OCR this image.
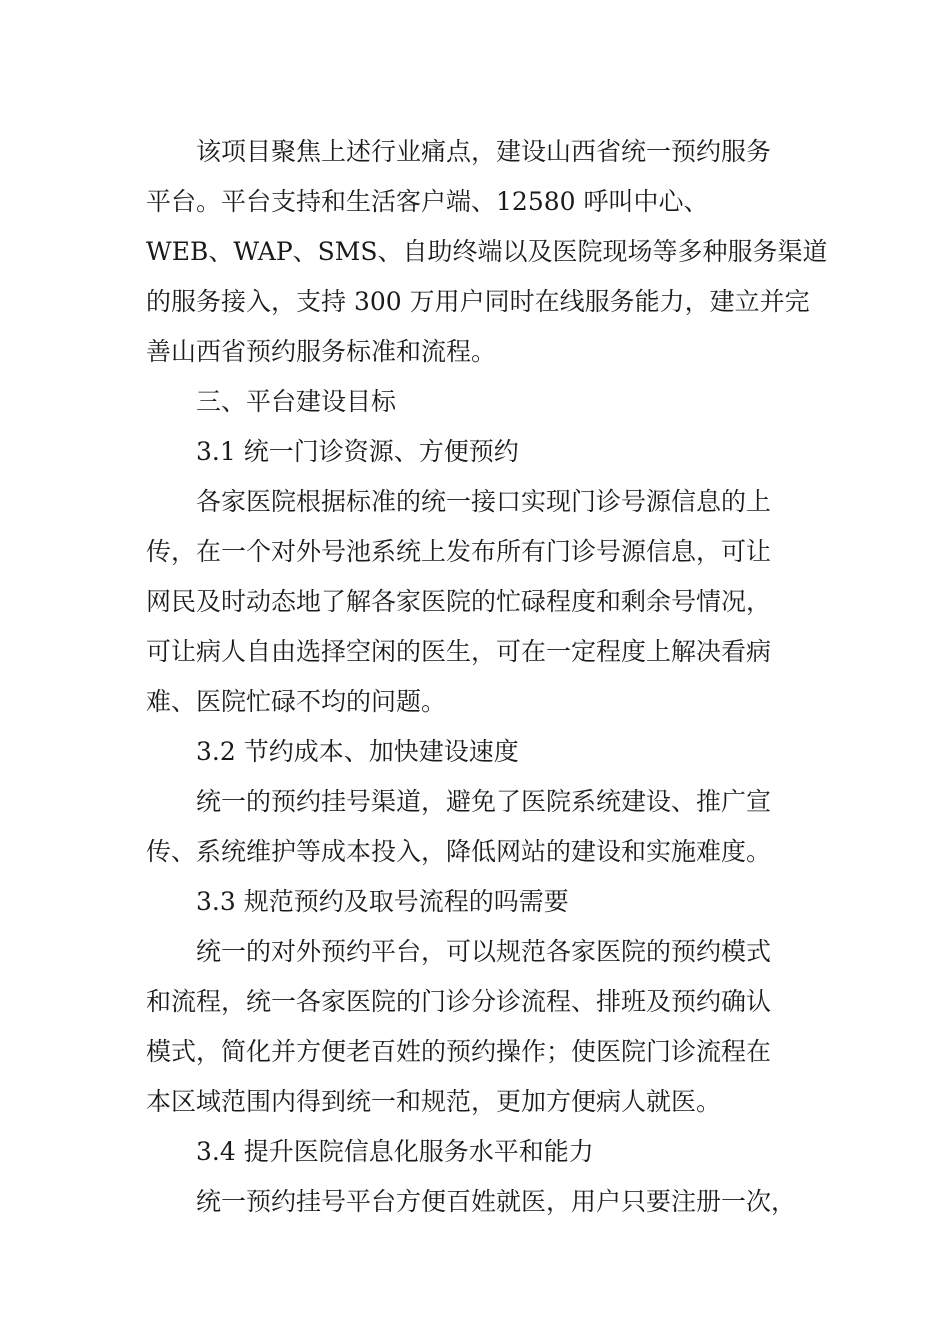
该项目聚焦上述行业痛点，建设山西省统一预约服务
平台。平台支持和生活客户端、12580 呼叫中心、
WEB、WAP、SMS、自助终端以及医院现场等多种服务渠道
的服务接入，支持 300 万用户同时在线服务能力，建立并完
善山西省预约服务标准和流程。
三、平台建设目标
3.1 统一门诊资源、方便预约
各家医院根据标准的统一接口实现门诊号源信息的上
传，在一个对外号池系统上发布所有门诊号源信息，可让
网民及时动态地了解各家医院的忙碌程度和剩余号情况，
可让病人自由选择空闲的医生，可在一定程度上解决看病
难、医院忙碌不均的问题。
3.2 节约成本、加快建设速度
统一的预约挂号渠道，避免了医院系统建设、推广宣
传、系统维护等成本投入，降低网站的建设和实施难度。
3.3 规范预约及取号流程的吗需要
统一的对外预约平台，可以规范各家医院的预约模式
和流程，统一各家医院的门诊分诊流程、排班及预约确认
模式，简化并方便老百姓的预约操作；使医院门诊流程在
本区域范围内得到统一和规范，更加方便病人就医。
3.4 提升医院信息化服务水平和能力
统一预约挂号平台方便百姓就医，用户只要注册一次，
